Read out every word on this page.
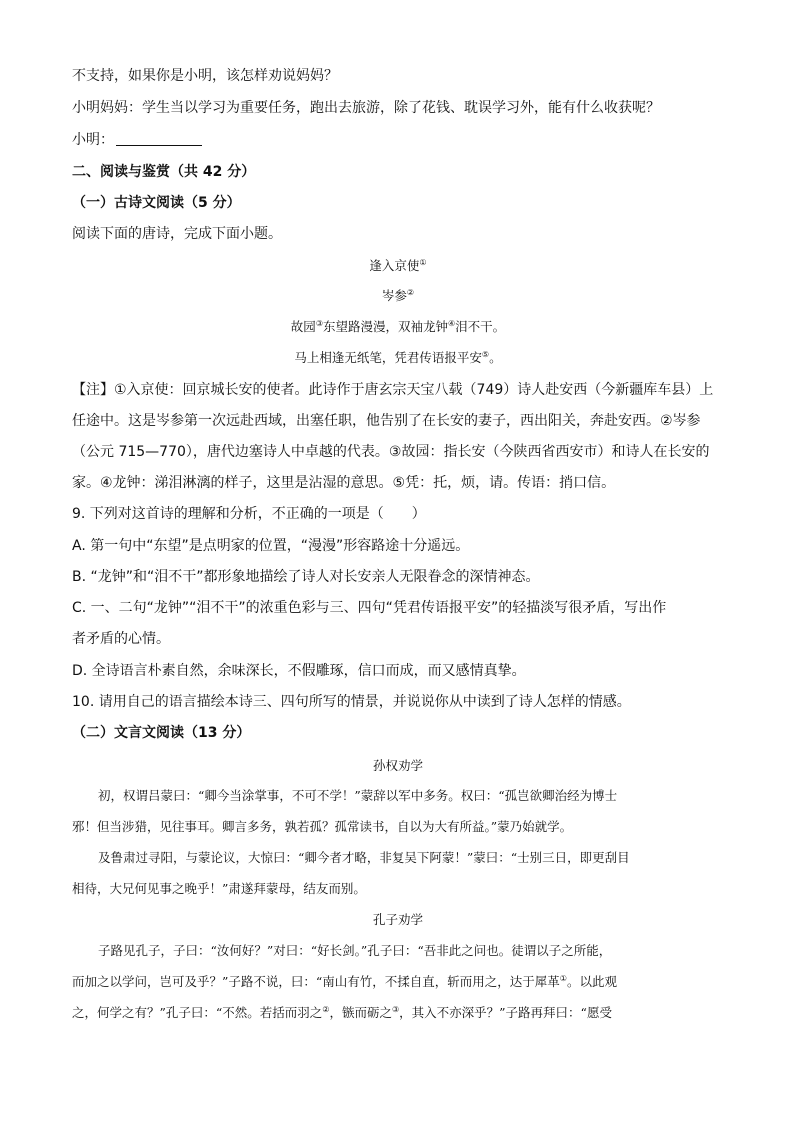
不支持，如果你是小明，该怎样劝说妈妈？
小明妈妈：学生当以学习为重要任务，跑出去旅游，除了花钱、耽误学习外，能有什么收获呢？
小明：
二、阅读与鉴赏（共 42 分）
（一）古诗文阅读（5 分）
阅读下面的唐诗，完成下面小题。
逢入京使①
岑参②
故园③东望路漫漫，双袖龙钟④泪不干。
马上相逢无纸笔，凭君传语报平安⑤。
【注】①入京使：回京城长安的使者。此诗作于唐玄宗天宝八载（749）诗人赴安西（今新疆库车县）上
任途中。这是岑参第一次远赴西域，出塞任职，他告别了在长安的妻子，西出阳关，奔赴安西。②岑参
（公元 715—770），唐代边塞诗人中卓越的代表。③故园：指长安（今陕西省西安市）和诗人在长安的
家。④龙钟：涕泪淋漓的样子，这里是沾湿的意思。⑤凭：托，烦，请。传语：捎口信。
9. 下列对这首诗的理解和分析，不正确的一项是（　　）
A. 第一句中“东望”是点明家的位置，“漫漫”形容路途十分遥远。
B. “龙钟”和“泪不干”都形象地描绘了诗人对长安亲人无限眷念的深情神态。
C. 一、二句“龙钟”“泪不干”的浓重色彩与三、四句“凭君传语报平安”的轻描淡写很矛盾，写出作
者矛盾的心情。
D. 全诗语言朴素自然，余味深长，不假雕琢，信口而成，而又感情真挚。
10. 请用自己的语言描绘本诗三、四句所写的情景，并说说你从中读到了诗人怎样的情感。
（二）文言文阅读（13 分）
孙权劝学
初，权谓吕蒙曰：“卿今当涂掌事，不可不学！”蒙辞以军中多务。权曰：“孤岂欲卿治经为博士
邪！但当涉猎，见往事耳。卿言多务，孰若孤？孤常读书，自以为大有所益。”蒙乃始就学。
及鲁肃过寻阳，与蒙论议，大惊曰：“卿今者才略，非复吴下阿蒙！”蒙曰：“士别三日，即更刮目
相待，大兄何见事之晚乎！”肃遂拜蒙母，结友而别。
孔子劝学
子路见孔子，子曰：“汝何好？”对曰：“好长剑。”孔子曰：“吾非此之问也。徒谓以子之所能，
而加之以学问，岂可及乎？”子路不说，曰：“南山有竹，不揉自直，斩而用之，达于犀革①。以此观
之，何学之有？”孔子曰：“不然。若括而羽之②，镞而砺之③，其入不亦深乎？”子路再拜曰：“愿受
